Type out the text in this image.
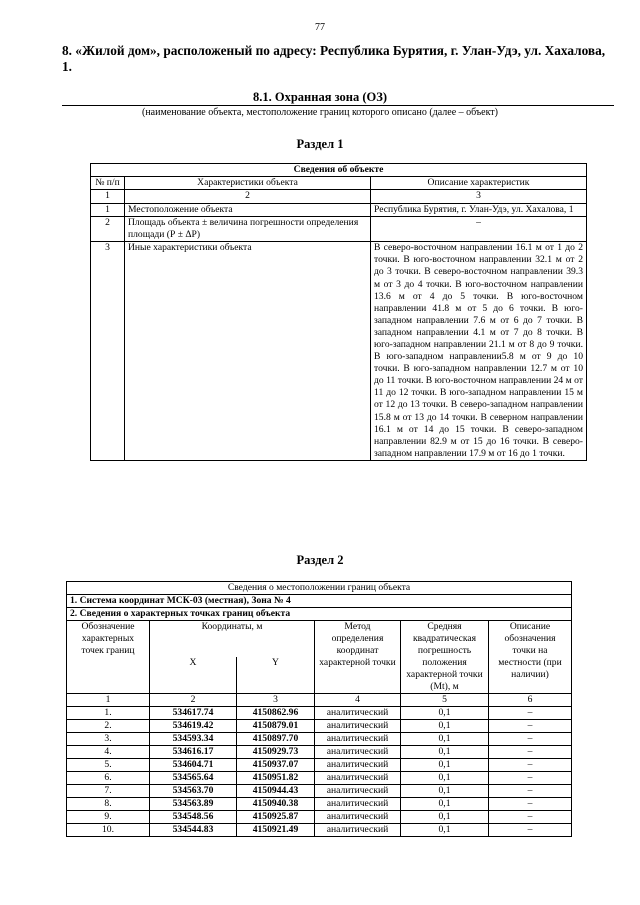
77
8. «Жилой дом», расположеный по адресу: Республика Бурятия, г. Улан-Удэ, ул. Хахалова, 1.
8.1. Охранная зона (ОЗ)
(наименование объекта, местоположение границ которого описано (далее – объект)
Раздел 1
Сведения об объекте		
№ п/п	Характеристики объекта	Описание характеристик
1	2	3
1	Местоположение объекта	Республика Бурятия, г. Улан-Удэ, ул. Хахалова, 1
2	Площадь объекта ± величина погрешности определения площади (Р ± ΔР)	–
3	Иные характеристики объекта	В северо-восточном направлении 16.1 м от 1 до 2 точки. В юго-восточном направлении 32.1 м от 2 до 3 точки. В северо-восточном направлении 39.3 м от 3 до 4 точки. В юго-восточном направлении 13.6 м от 4 до 5 точки. В юго-восточном направлении 41.8 м от 5 до 6 точки. В юго-западном направлении 7.6 м от 6 до 7 точки. В западном направлении 4.1 м от 7 до 8 точки. В юго-западном направлении 21.1 м от 8 до 9 точки. В юго-западном направлении5.8 м от 9 до 10 точки. В юго-западном направлении 12.7 м от 10 до 11 точки. В юго-восточном направлении 24 м от 11 до 12 точки. В юго-западном направлении 15 м от 12 до 13 точки. В северо-западном направлении 15.8 м от 13 до 14 точки. В северном направлении 16.1 м от 14 до 15 точки. В северо-западном направлении 82.9 м от 15 до 16 точки. В северо-западном направлении 17.9 м от 16 до 1 точки.
Раздел 2
Сведения о местоположении границ объекта					
1. Система координат МСК-03 (местная), Зона № 4					
2. Сведения о характерных точках границ объекта					
Обозначение характерных точек границ	Координаты, м		Метод определения координат характерной точки	Средняя квадратическая погрешность положения характерной точки (Mt), м	Описание обозначения точки на местности (при наличии)
	X	Y			
1	2	3	4	5	6
1.	534617.74	4150862.96	аналитический	0,1	–
2.	534619.42	4150879.01	аналитический	0,1	–
3.	534593.34	4150897.70	аналитический	0,1	–
4.	534616.17	4150929.73	аналитический	0,1	–
5.	534604.71	4150937.07	аналитический	0,1	–
6.	534565.64	4150951.82	аналитический	0,1	–
7.	534563.70	4150944.43	аналитический	0,1	–
8.	534563.89	4150940.38	аналитический	0,1	–
9.	534548.56	4150925.87	аналитический	0,1	–
10.	534544.83	4150921.49	аналитический	0,1	–
